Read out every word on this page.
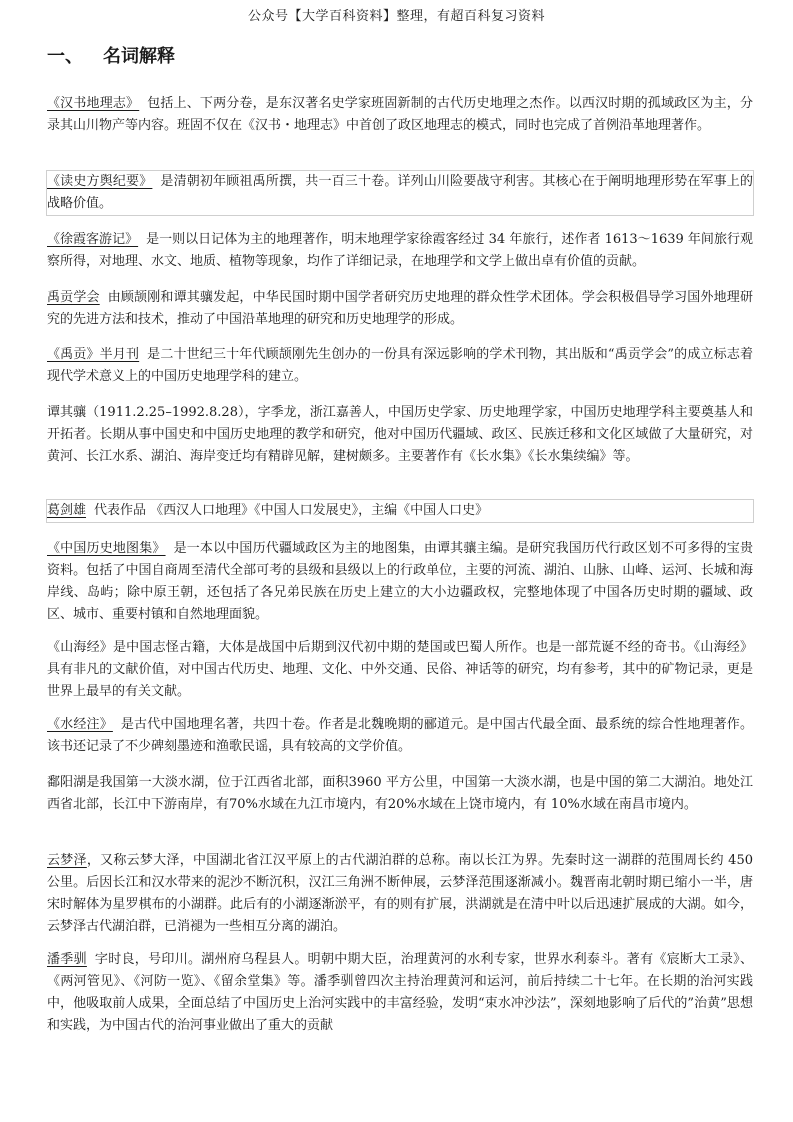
公众号【大学百科资料】整理，有超百科复习资料
一、 名词解释

《汉书地理志》 包括上、下两分卷，是东汉著名史学家班固新制的古代历史地理之杰作。以西汉时期的孤域政区为主，分录其山川物产等内容。班固不仅在《汉书・地理志》中首创了政区地理志的模式，同时也完成了首例沿革地理著作。

《读史方舆纪要》 是清朝初年顾祖禹所撰，共一百三十卷。详列山川险要战守利害。其核心在于阐明地理形势在军事上的战略价值。

《徐霞客游记》 是一则以日记体为主的地理著作，明末地理学家徐霞客经过 34 年旅行，述作者 1613～1639 年间旅行观察所得，对地理、水文、地质、植物等现象，均作了详细记录，在地理学和文学上做出卓有价值的贡献。

禹贡学会 由顾颉刚和谭其骧发起，中华民国时期中国学者研究历史地理的群众性学术团体。学会积极倡导学习国外地理研究的先进方法和技术，推动了中国沿革地理的研究和历史地理学的形成。

《禹贡》半月刊 是二十世纪三十年代顾颉刚先生创办的一份具有深远影响的学术刊物，其出版和“禹贡学会”的成立标志着现代学术意义上的中国历史地理学科的建立。

谭其骧（1911.2.25–1992.8.28），字季龙，浙江嘉善人，中国历史学家、历史地理学家，中国历史地理学科主要奠基人和开拓者。长期从事中国史和中国历史地理的教学和研究，他对中国历代疆域、政区、民族迁移和文化区域做了大量研究，对黄河、长江水系、湖泊、海岸变迁均有精辟见解，建树颇多。主要著作有《长水集》《长水集续编》等。

葛剑雄 代表作品 《西汉人口地理》《中国人口发展史》，主编《中国人口史》

《中国历史地图集》 是一本以中国历代疆域政区为主的地图集，由谭其骧主编。是研究我国历代行政区划不可多得的宝贵资料。包括了中国自商周至清代全部可考的县级和县级以上的行政单位，主要的河流、湖泊、山脉、山峰、运河、长城和海岸线、岛屿；除中原王朝，还包括了各兄弟民族在历史上建立的大小边疆政权，完整地体现了中国各历史时期的疆域、政区、城市、重要村镇和自然地理面貌。

《山海经》是中国志怪古籍，大体是战国中后期到汉代初中期的楚国或巴蜀人所作。也是一部荒诞不经的奇书。《山海经》具有非凡的文献价值，对中国古代历史、地理、文化、中外交通、民俗、神话等的研究，均有参考，其中的矿物记录，更是世界上最早的有关文献。

《水经注》 是古代中国地理名著，共四十卷。作者是北魏晚期的郦道元。是中国古代最全面、最系统的综合性地理著作。该书还记录了不少碑刻墨迹和渔歌民谣，具有较高的文学价值。

鄱阳湖是我国第一大淡水湖，位于江西省北部，面积3960 平方公里，中国第一大淡水湖，也是中国的第二大湖泊。地处江西省北部，长江中下游南岸，有70%水域在九江市境内，有20%水域在上饶市境内，有 10%水域在南昌市境内。

云梦泽，又称云梦大泽，中国湖北省江汉平原上的古代湖泊群的总称。南以长江为界。先秦时这一湖群的范围周长约 450 公里。后因长江和汉水带来的泥沙不断沉积，汉江三角洲不断伸展，云梦泽范围逐渐减小。魏晋南北朝时期已缩小一半，唐宋时解体为星罗棋布的小湖群。此后有的小湖逐渐淤平，有的则有扩展，洪湖就是在清中叶以后迅速扩展成的大湖。如今，云梦泽古代湖泊群，已消褪为一些相互分离的湖泊。

潘季驯 字时良，号印川。湖州府乌程县人。明朝中期大臣，治理黄河的水利专家，世界水利泰斗。著有《宸断大工录》、《两河管见》、《河防一览》、《留余堂集》等。潘季驯曾四次主持治理黄河和运河，前后持续二十七年。在长期的治河实践中，他吸取前人成果，全面总结了中国历史上治河实践中的丰富经验，发明“束水冲沙法”，深刻地影响了后代的”治黄”思想和实践，为中国古代的治河事业做出了重大的贡献
